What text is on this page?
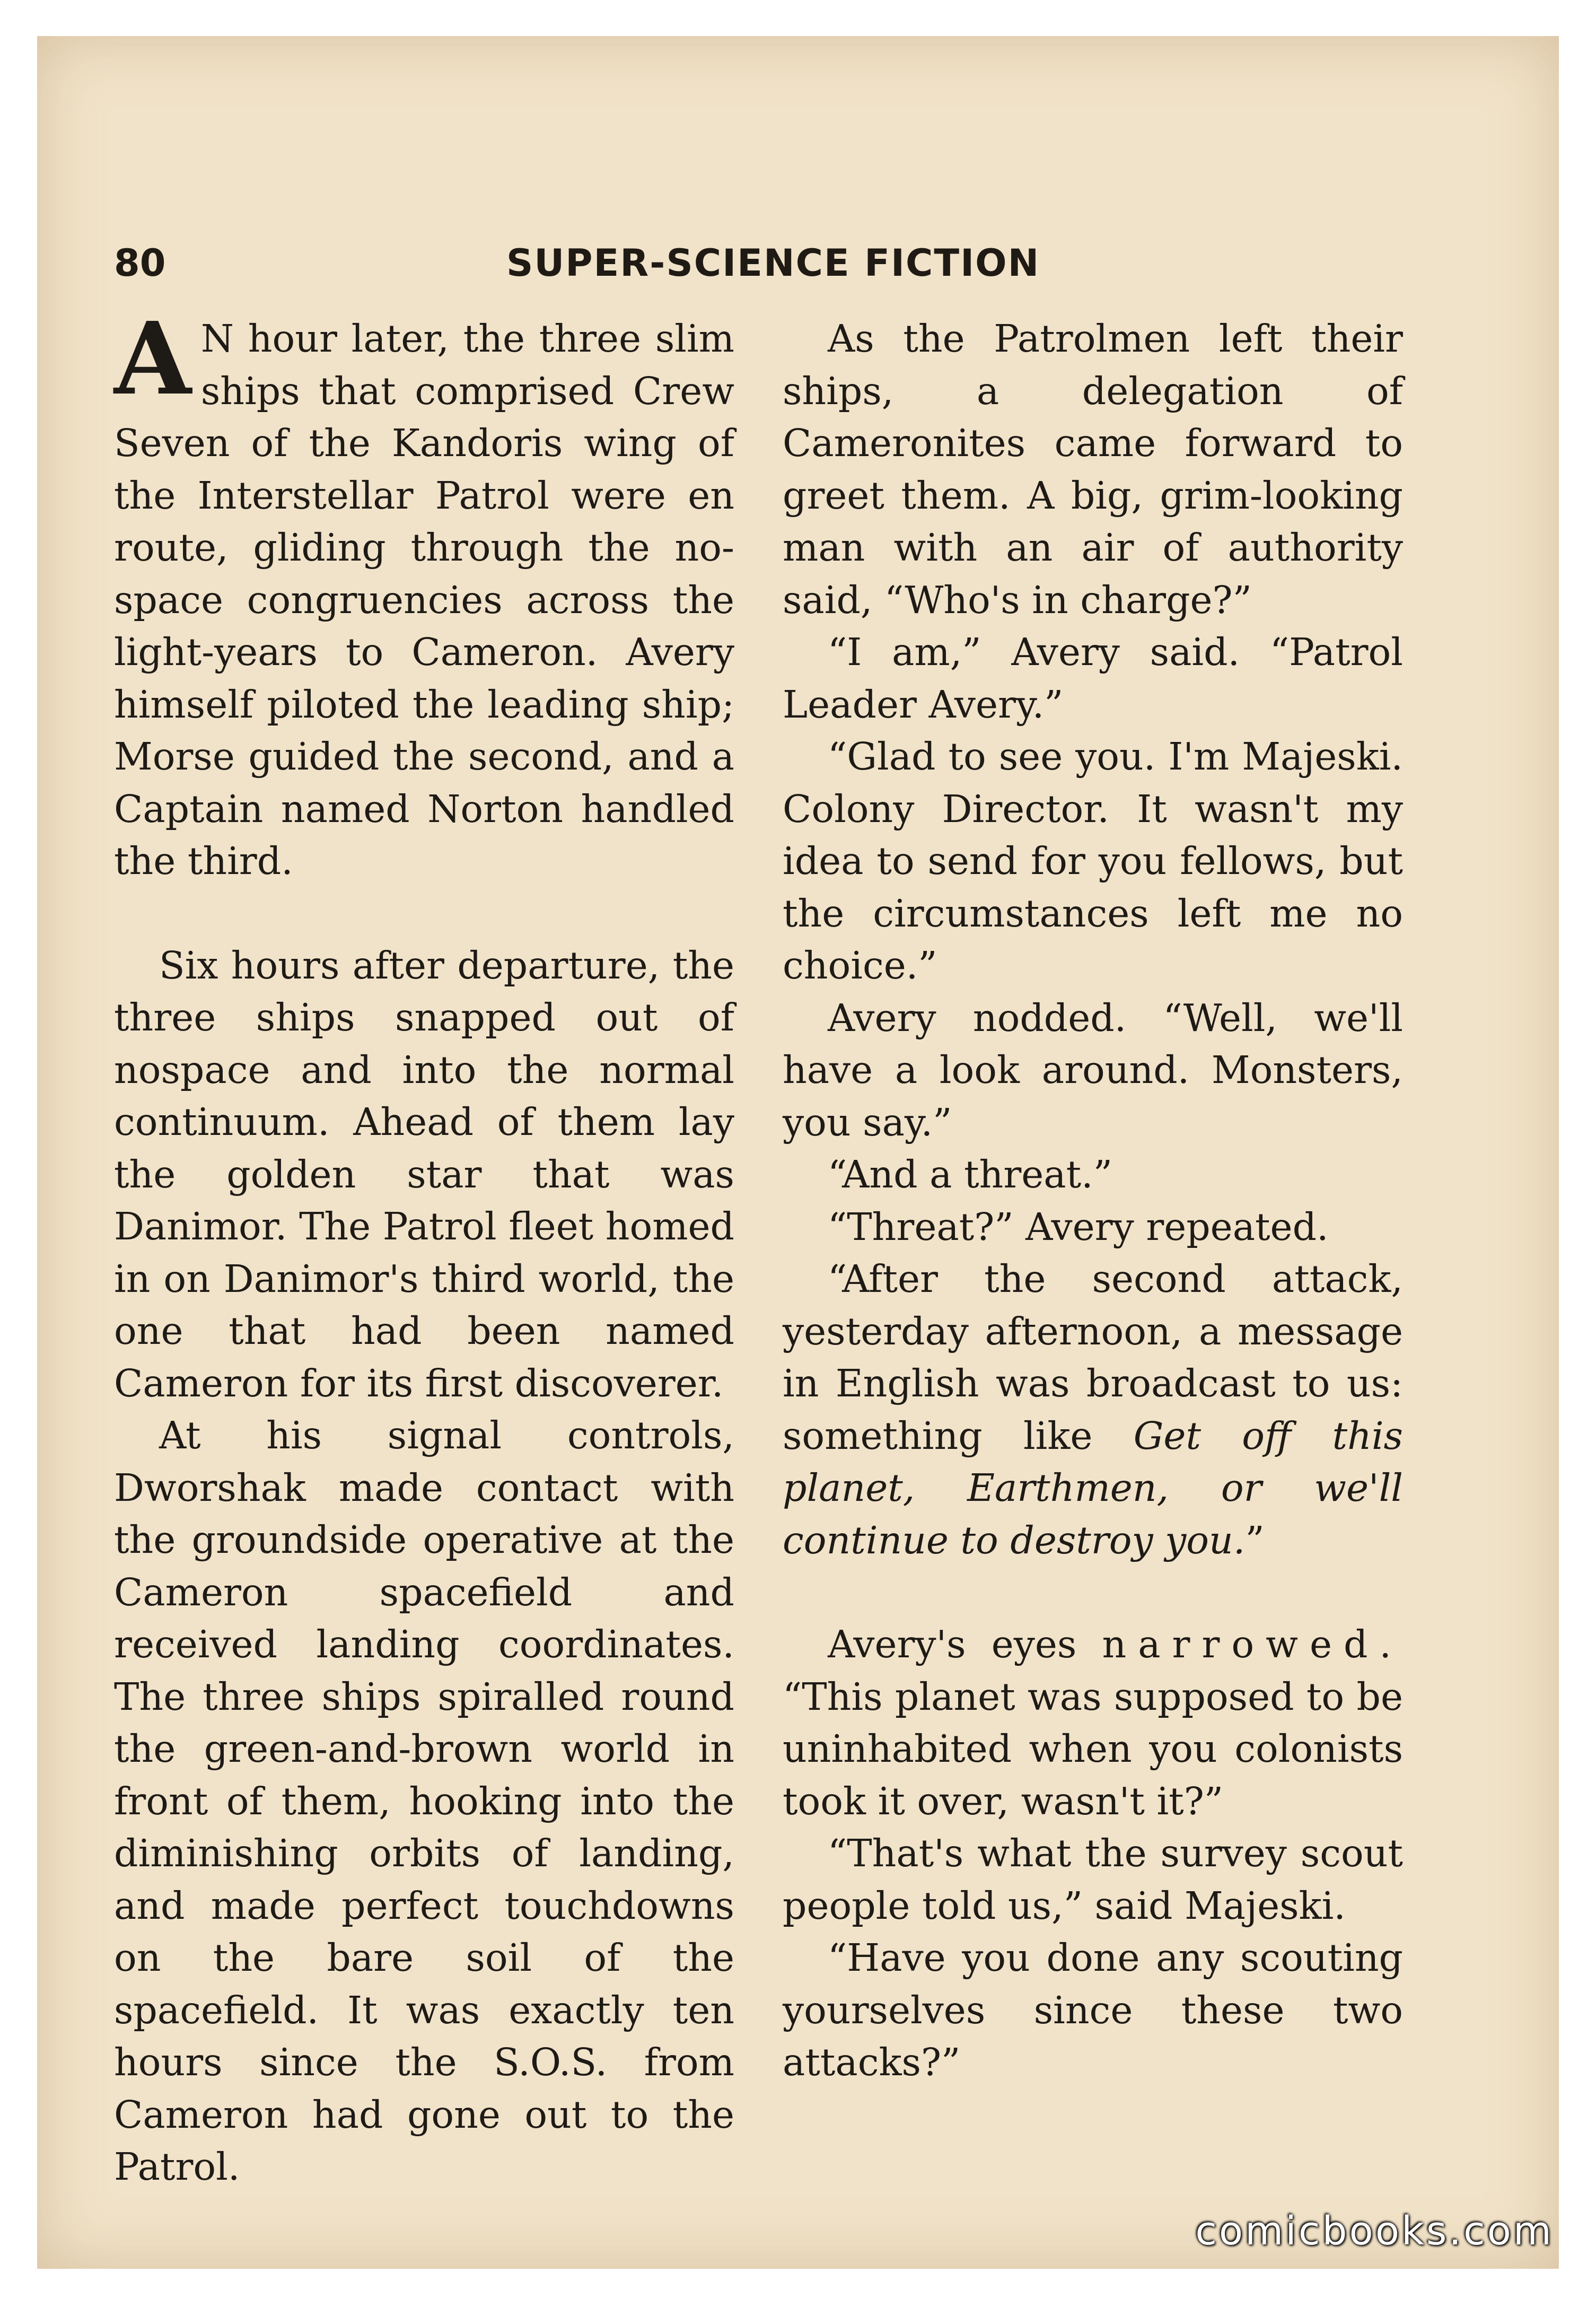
80	SUPER-SCIENCE FICTION

A N hour later, the three slim ships that comprised Crew Seven of the Kandoris wing of the Interstellar Patrol were en route, gliding through the no-space congruencies across the light-years to Cameron. Avery himself piloted the leading ship; Morse guided the second, and a Captain named Norton handled the third.

Six hours after departure, the three ships snapped out of nospace and into the normal continuum. Ahead of them lay the golden star that was Danimor. The Patrol fleet homed in on Danimor's third world, the one that had been named Cameron for its first discoverer.

At his signal controls, Dworshak made contact with the groundside operative at the Cameron spacefield and received landing coordinates. The three ships spiralled round the green-and-brown world in front of them, hooking into the diminishing orbits of landing, and made perfect touchdowns on the bare soil of the spacefield. It was exactly ten hours since the S.O.S. from Cameron had gone out to the Patrol.

As the Patrolmen left their ships, a delegation of Cameronites came forward to greet them. A big, grim-looking man with an air of authority said, “Who's in charge?”

“I am,” Avery said. “Patrol Leader Avery.”

“Glad to see you. I'm Majeski. Colony Director. It wasn't my idea to send for you fellows, but the circumstances left me no choice.”

Avery nodded. “Well, we'll have a look around. Monsters, you say.”

“And a threat.”

“Threat?” Avery repeated.

“After the second attack, yesterday afternoon, a message in English was broadcast to us: something like Get off this planet, Earthmen, or we'll continue to destroy you.”

Avery's eyes narrowed. “This planet was supposed to be uninhabited when you colonists took it over, wasn't it?”

“That's what the survey scout people told us,” said Majeski.

“Have you done any scouting yourselves since these two attacks?”

comicbooks.com
